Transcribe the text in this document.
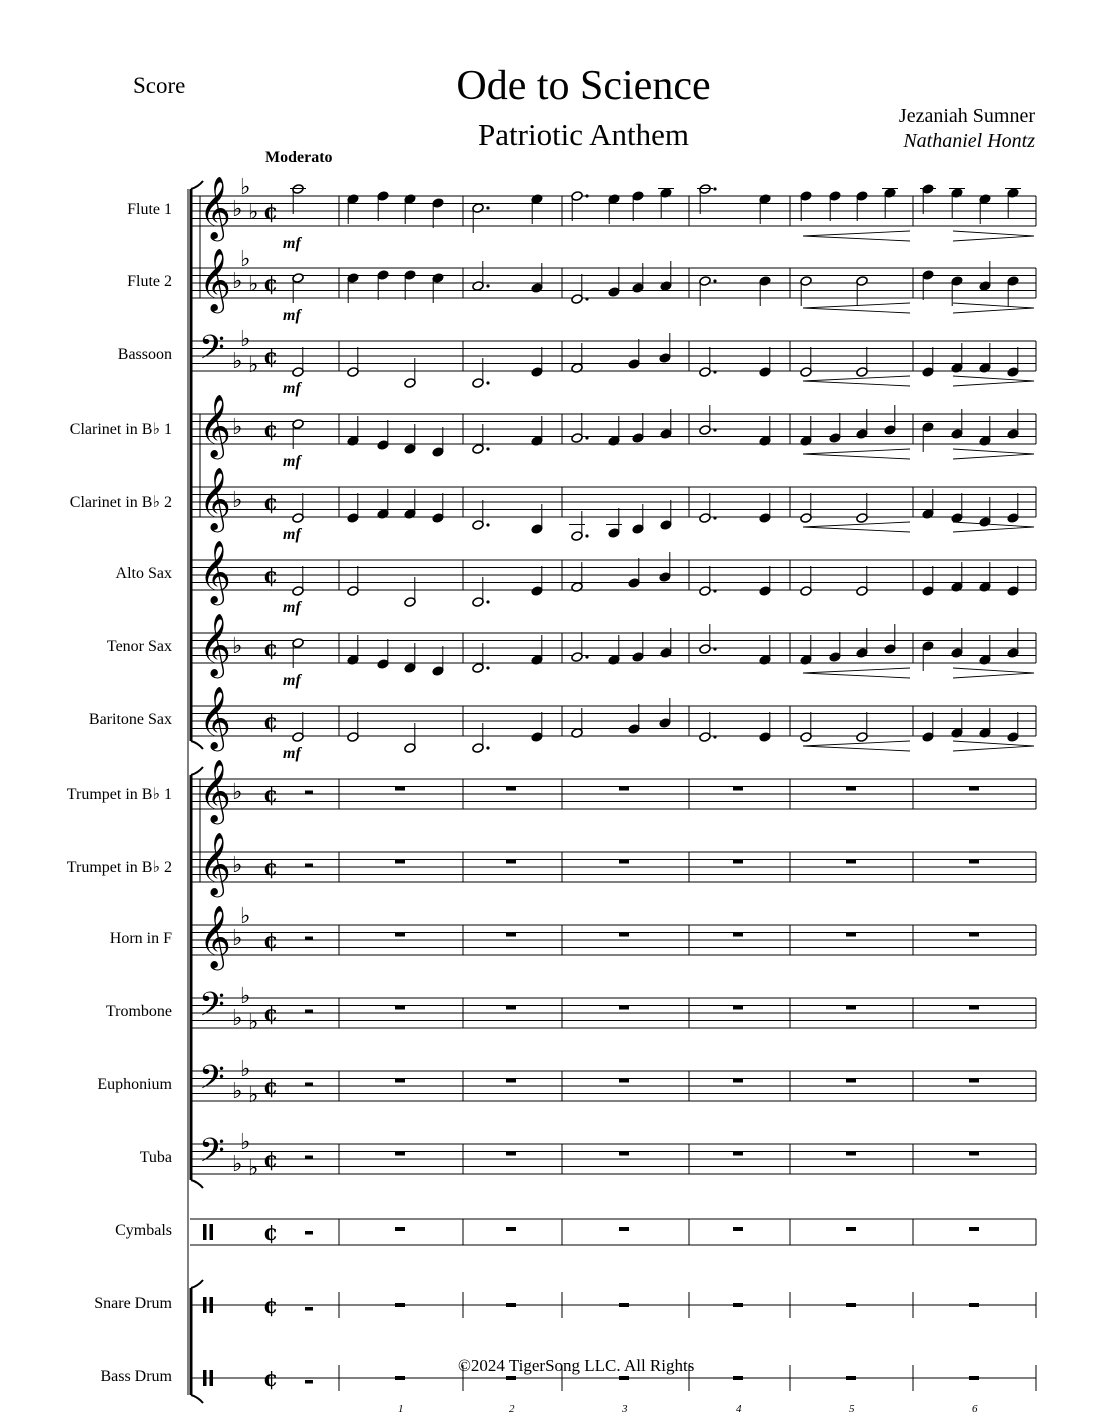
Score	Ode to Science
Patriotic Anthem
Jezaniah Sumner
Nathaniel Hontz
Moderato
©2024 TigerSong LLC. All Rights
Flute 1
Flute 2
Bassoon
Clarinet in B♭ 1
Clarinet in B♭ 2
Alto Sax
Tenor Sax
Baritone Sax
Trumpet in B♭ 1
Trumpet in B♭ 2
Horn in F
Trombone
Euphonium
Tuba
Cymbals
Snare Drum
Bass Drum
𝄞 ♭
♭
♭ ¢
mf
𝄞 ♭
♭
♭ ¢
mf
𝄢 ♭
♭
♭ ¢
mf
𝄞 ♭ ¢
mf
𝄞 ♭ ¢
mf
𝄞 ¢
mf
𝄞 ♭ ¢
mf
𝄞 ¢
mf
𝄞 ♭ ¢
𝄞 ♭ ¢
𝄞 ♭
♭
¢
𝄢 ♭
♭
♭ ¢
𝄢 ♭
♭
♭ ¢
𝄢 ♭
♭
♭ ¢
¢
¢
¢
1	2	3	4	5	6
